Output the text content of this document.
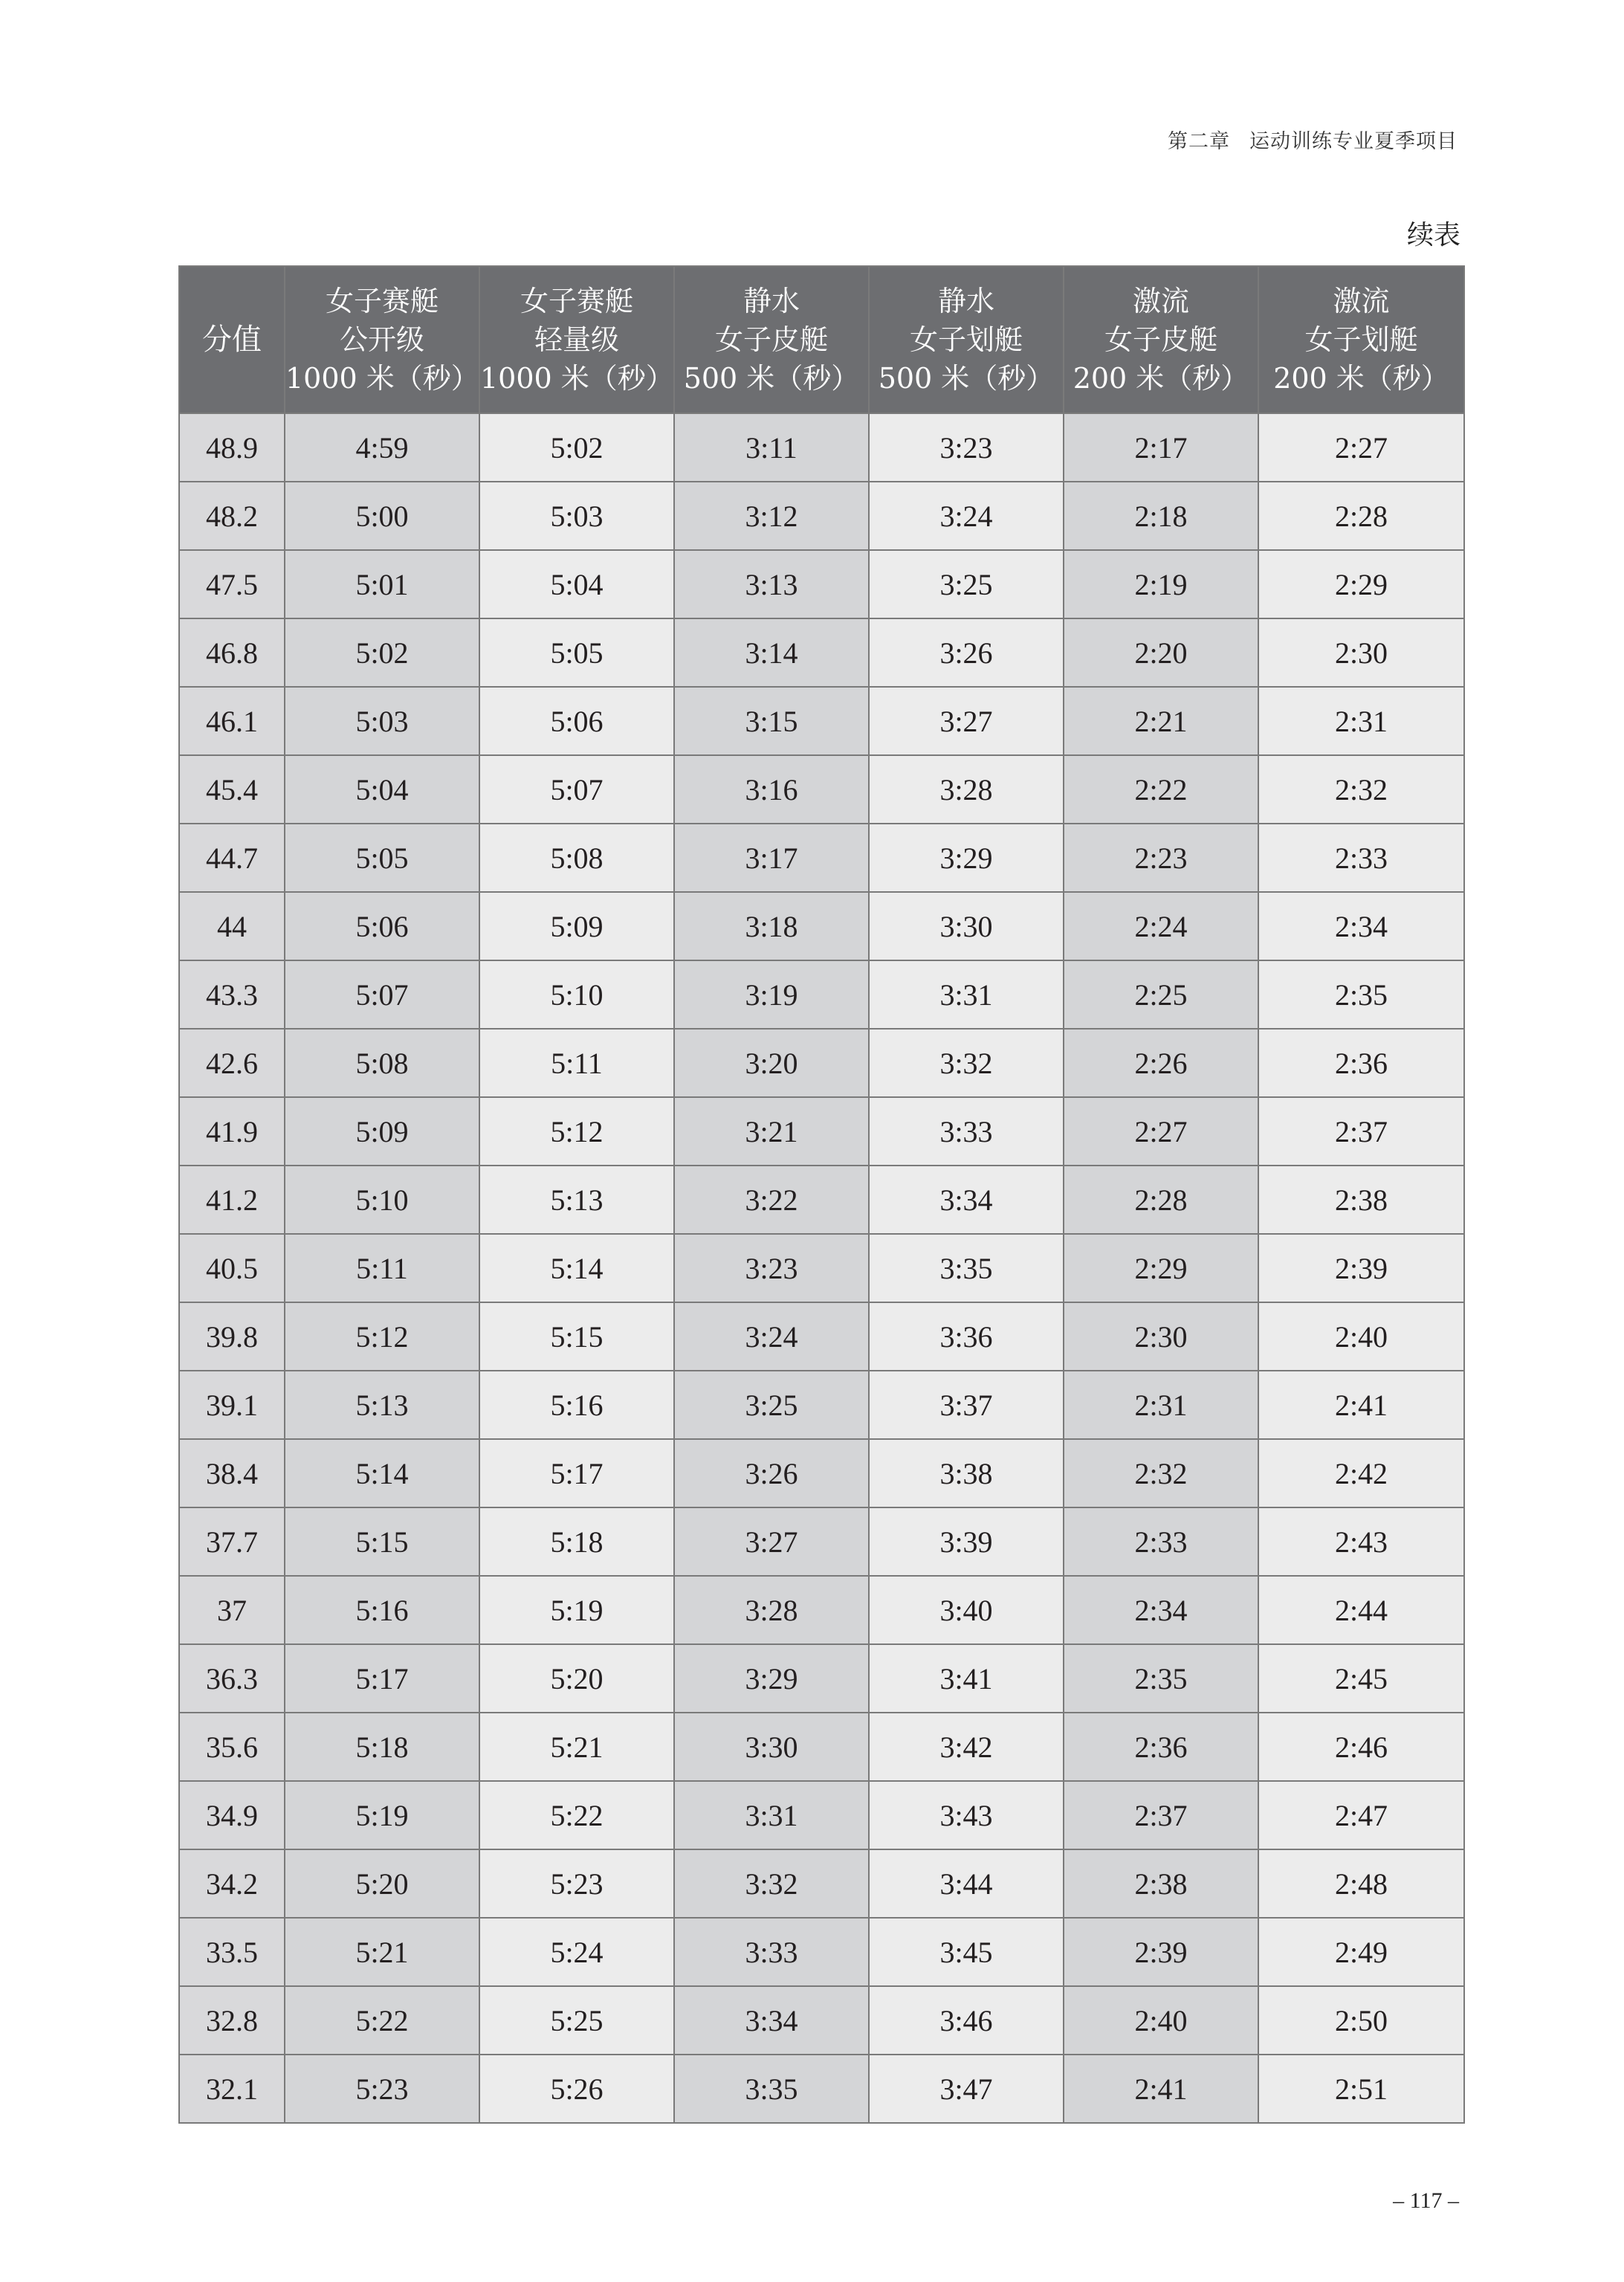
第二章 运动训练专业夏季项目
续表
分值	女子赛艇
公开级
1000 米（秒）	女子赛艇
轻量级
1000 米（秒）	静水
女子皮艇
500 米（秒）	静水
女子划艇
500 米（秒）	激流
女子皮艇
200 米（秒）	激流
女子划艇
200 米（秒）

48.9	4:59	5:02	3:11	3:23	2:17	2:27
48.2	5:00	5:03	3:12	3:24	2:18	2:28
47.5	5:01	5:04	3:13	3:25	2:19	2:29
46.8	5:02	5:05	3:14	3:26	2:20	2:30
46.1	5:03	5:06	3:15	3:27	2:21	2:31
45.4	5:04	5:07	3:16	3:28	2:22	2:32
44.7	5:05	5:08	3:17	3:29	2:23	2:33
44	5:06	5:09	3:18	3:30	2:24	2:34
43.3	5:07	5:10	3:19	3:31	2:25	2:35
42.6	5:08	5:11	3:20	3:32	2:26	2:36
41.9	5:09	5:12	3:21	3:33	2:27	2:37
41.2	5:10	5:13	3:22	3:34	2:28	2:38
40.5	5:11	5:14	3:23	3:35	2:29	2:39
39.8	5:12	5:15	3:24	3:36	2:30	2:40
39.1	5:13	5:16	3:25	3:37	2:31	2:41
38.4	5:14	5:17	3:26	3:38	2:32	2:42
37.7	5:15	5:18	3:27	3:39	2:33	2:43
37	5:16	5:19	3:28	3:40	2:34	2:44
36.3	5:17	5:20	3:29	3:41	2:35	2:45
35.6	5:18	5:21	3:30	3:42	2:36	2:46
34.9	5:19	5:22	3:31	3:43	2:37	2:47
34.2	5:20	5:23	3:32	3:44	2:38	2:48
33.5	5:21	5:24	3:33	3:45	2:39	2:49
32.8	5:22	5:25	3:34	3:46	2:40	2:50
32.1	5:23	5:26	3:35	3:47	2:41	2:51
– 117 –
